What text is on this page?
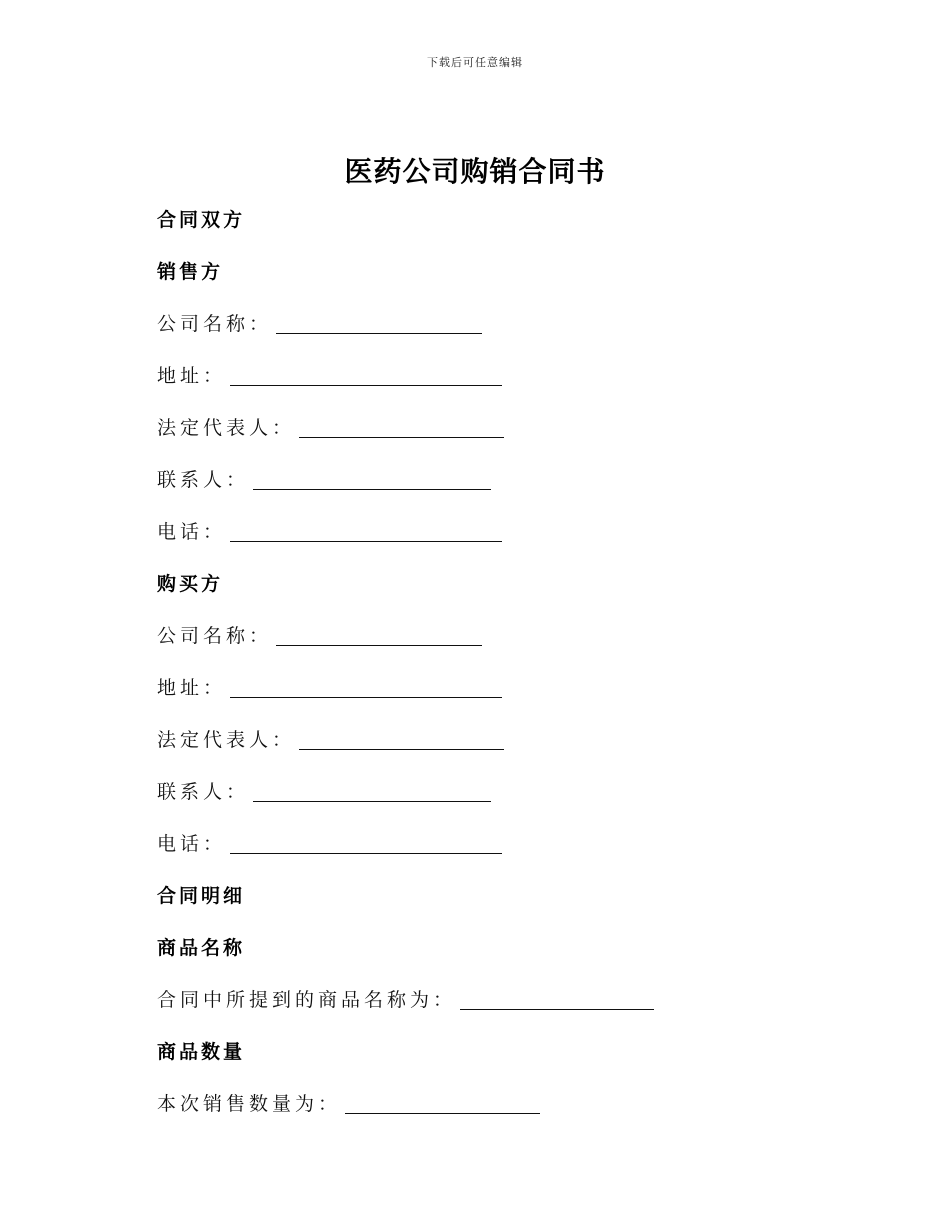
下载后可任意编辑
医药公司购销合同书
合同双方
销售方
公司名称：
地址：
法定代表人：
联系人：
电话：
购买方
公司名称：
地址：
法定代表人：
联系人：
电话：
合同明细
商品名称
合同中所提到的商品名称为：
商品数量
本次销售数量为：
